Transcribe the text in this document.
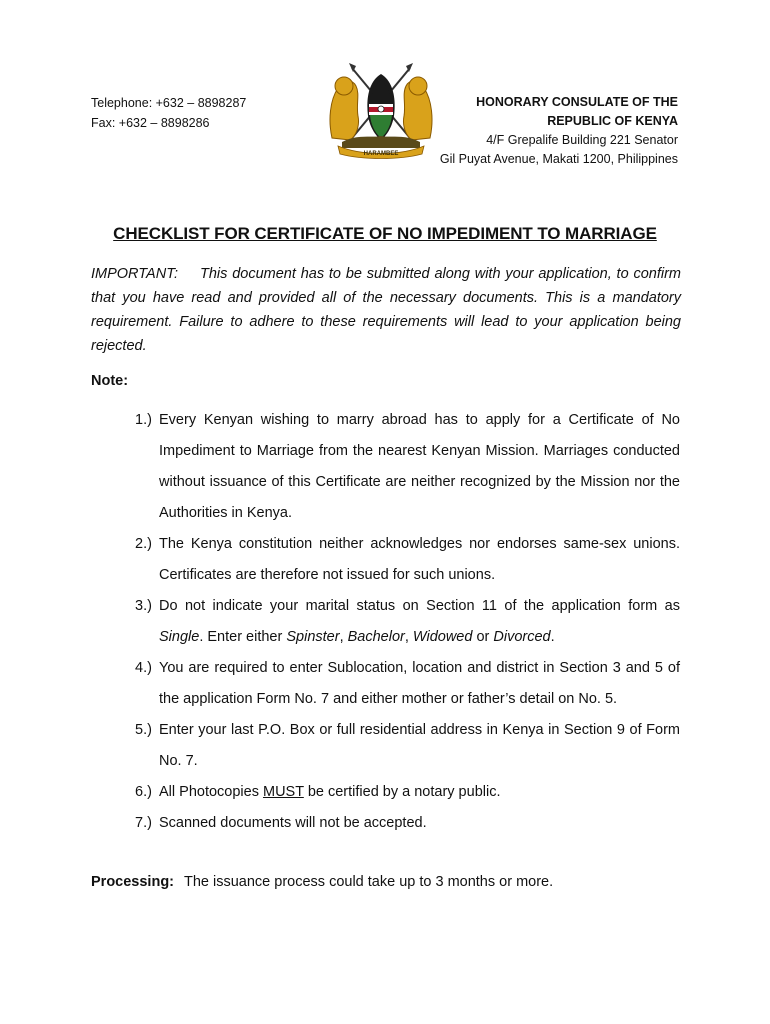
Telephone: +632 – 8898287
Fax: +632 – 8898286
HARAMBEE
HONORARY CONSULATE OF THE
REPUBLIC OF KENYA
4/F Grepalife Building 221 Senator
Gil Puyat Avenue, Makati 1200, Philippines
CHECKLIST FOR CERTIFICATE OF NO IMPEDIMENT TO MARRIAGE
IMPORTANT: This document has to be submitted along with your application, to confirm that you have read and provided all of the necessary documents. This is a mandatory requirement. Failure to adhere to these requirements will lead to your application being rejected.
Note:
1.) Every Kenyan wishing to marry abroad has to apply for a Certificate of No Impediment to Marriage from the nearest Kenyan Mission. Marriages conducted without issuance of this Certificate are neither recognized by the Mission nor the Authorities in Kenya.
2.) The Kenya constitution neither acknowledges nor endorses same-sex unions. Certificates are therefore not issued for such unions.
3.) Do not indicate your marital status on Section 11 of the application form as Single. Enter either Spinster, Bachelor, Widowed or Divorced.
4.) You are required to enter Sublocation, location and district in Section 3 and 5 of the application Form No. 7 and either mother or father’s detail on No. 5.
5.) Enter your last P.O. Box or full residential address in Kenya in Section 9 of Form No. 7.
6.) All Photocopies MUST be certified by a notary public.
7.) Scanned documents will not be accepted.
Processing: The issuance process could take up to 3 months or more.
